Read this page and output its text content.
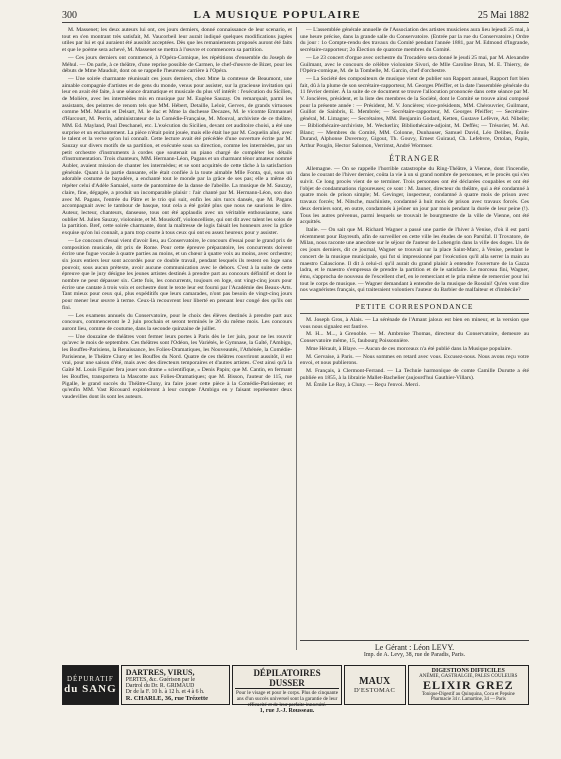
300	LA MUSIQUE POPULAIRE	25 Mai 1882

M. Massenet; les deux auteurs lui ont, ces jours derniers, donné connaissance de leur scenario, et tout en s'en montrant très satisfait, M. Vaucorbeil leur aurait indiqué quelques modifications jugées utiles par lui et qui auraient été aussitôt acceptées. Dès que les remaniements proposés auront été faits et que le poème sera achevé, M. Massenet se mettra à l'œuvre et commencera sa partition.

— Ces jours derniers ont commencé, à l'Opéra-Comique, les répétitions d'ensemble du Joseph de Méhul. — On parle, à ce théâtre, d'une reprise possible de Carmen, le chef-d'œuvre de Bizet, pour les débuts de Mme Mauduit, dont on se rappelle l'heureuse carrière à l'Opéra.

— Une soirée charmante réunissait ces jours derniers, chez Mme la comtesse de Beaumont, une aimable compagnie d'artistes et de gens du monde, venus pour assister, sur la gracieuse invitation qui leur en avait été faite, à une séance dramatique et musicale du plus vif intérêt : l'exécution du Sicilien, de Molière, avec les intermèdes mis en musique par M. Eugène Sauzay. On remarquait, parmi les assistants, des peintres de renom tels que MM. Hébert, Detaille, Leloir, Gervex, de grands virtuoses comme MM. Maurin et Delsart, M. le duc et Mme la duchesse Decazes, M. le vicomte Emmanuel d'Harcourt, M. Perrin, administrateur de la Comédie-Française, M. Mouval, archiviste de ce théâtre, MM. Ed. Mayland, Paul Deschanel, etc. L'exécution du Sicilien, devant cet auditoire choisi, a été une surprise et un enchantement. La pièce n'était point jouée, mais elle était lue par M. Coquelin aîné, avec le talent et la verve qu'on lui connaît. Cette lecture avait été précédée d'une ouverture écrite par M. Sauzay sur divers motifs de sa partition, et exécutée sous sa direction, comme les intermèdes, par un petit orchestre d'instruments à cordes que soutenait un piano chargé de compléter les détails d'instrumentation. Trois chanteurs, MM. Hermann-Léon, Pagans et un charmant ténor amateur nommé Aubler, avaient mission de chanter les intermèdes; et se sont acquittés de cette tâche à la satisfaction générale. Quant à la partie dansante, elle était confiée à la toute aimable Mlle Fonta, qui, sous un adorable costume de bayadère, a enchanté tout le monde par la grâce de ses pas; elle a même dû répéter celui d'Adèle Samaiel, sorte de pantomime de la danse de l'abeille. La musique de M. Sauzay, claire, fine, dégagée, a produit un incomparable plaisir : l'air chanté par M. Hermann-Léon, son duo avec M. Pagans, l'entrée du Pâtre et le trio qui suit, enfin les airs turcs dansés, que M. Pagans accompagnait avec le tambour de basque, tout cela a été goûté plus que nous ne saurions le dire. Auteur, lecteur, chanteurs, danseuse, tous ont été applaudis avec un véritable enthousiasme, sans oublier M. Julien Sauzay, violoniste, et M. Mouskoff, violoncelliste, qui ont dit avec talent les solos de la partition. Bref, cette soirée charmante, dont la maîtresse de logis faisait les honneurs avec la grâce exquise qu'on lui connaît, a paru trop courte à tous ceux qui ont eu assez heureux pour y assister.

— Le concours d'essai vient d'avoir lieu, au Conservatoire, le concours d'essai pour le grand prix de composition musicale, dit prix de Rome. Pour cette épreuve préparatoire, les concurrents doivent écrire une fugue vocale à quatre parties au moins, et un chœur à quatre voix au moins, avec orchestre; six jours entiers leur sont accordés pour ce double travail, pendant lesquels ils restent en loge sans pouvoir, sous aucun prétexte, avoir aucune communication avec le dehors. C'est à la suite de cette épreuve que le jury désigne les jeunes artistes destinés à prendre part au concours définitif et dont le nombre ne peut dépasser six. Cette fois, les concurrents, toujours en loge, ont vingt-cinq jours pour écrire une cantate à trois voix et orchestre dont le texte leur est fourni par l'Académie des Beaux-Arts. Tant mieux pour ceux qui, plus expéditifs que leurs camarades, n'ont pas besoin de vingt-cinq jours pour mener leur œuvre à terme. Ceux-là recouvrent leur liberté en prenant leur congé des qu'ils ont fini.

— Les examens annuels du Conservatoire, pour le choix des élèves destinés à prendre part aux concours, commenceront le 2 juin prochain et seront terminés le 26 du même mois. Les concours auront lieu, comme de coutume, dans la seconde quinzaine de juillet.

— Une douzaine de théâtres vont fermer leurs portes à Paris dès le 1er juin, pour ne les rouvrir qu'avec le mois de septembre. Ces théâtres sont l'Odéon, les Variétés, le Gymnase, la Gaîté, l'Ambigu, les Bouffes-Parisiens, la Renaissance, les Folies-Dramatiques, les Nouveautés, l'Athénée, la Comédie-Parisienne, le Théâtre Cluny et les Bouffes du Nord. Quatre de ces théâtres rouvriront aussitôt, il est vrai, pour une saison d'été, mais avec des directeurs temporaires et d'autres artistes. C'est ainsi qu'à la Gaîté M. Louis Figuier fera jouer son drame « scientifique, » Denis Papin; que M. Cantin, en fermant les Bouffes, transportera la Mascotte aux Folies-Dramatiques; que M. Bisson, l'auteur de 115, rue Pigalle, le grand succès du Théâtre-Cluny, ira faire jouer cette pièce à la Comédie-Parisienne; et qu'enfin MM. Vast Ricouard exploiteront à leur compte l'Ambigu en y faisant représenter deux vaudevilles dont ils sont les auteurs.

— L'assemblée générale annuelle de l'Association des artistes musiciens aura lieu lejeudi 25 mai, à une heure précise, dans la grande salle du Conservatoire. (Entrée par la rue du Conservatoire.) Ordre du jour : 1o Compte-rendu des travaux du Comité pendant l'année 1881, par M. Edmond d'Ingrande, secrétaire-rapporteur; 2o Élection de quatorze membres du Comité.

— Le 23 concert d'orgue avec orchestre du Trocadéro sera donné le jeudi 25 mai, par M. Alexandre Guilmant, avec le concours de célèbre violoniste Sivori, de Mlle Caroline Brun, M. E. Thierry, de l'Opéra-comique, M. de la Tombelle, M. Garcin, chef d'orchestre.

— La Société des compositeurs de musique vient de publier son Rapport annuel, Rapport fort bien fait, dû à la plume de son secrétaire-rapporteur, M. Georges Pfeiffer, et la date l'assemblée générale du 11 février dernier. À la suite de ce document se trouve l'allocution prononcée dans cette séance par M. V. Joncières, président, et la liste des membres de la Société, dont le Comité se trouve ainsi composé pour la présente année : — Président, M. V. Joncières; vice-présidents, MM. Chérouvrier, Guilmant, Guillot de Sainbris, E. Membrée; — Secrétaire-rapporteur, M. Georges Pfeiffer; — Secrétaire-général, M. Limagne; — Secrétaires, MM. Benjamin Godard, Ketten, Gustave Lefèvre, Ad. Nibelle; — Bibliothécaire-archiviste, M. Weckerlin; Bibliothécaire-adjoint, M. Deffès; — Trésorier, M. Ad. Blanc; — Membres du Comité, MM. Colonne, Dunhauser, Samuel David, Léo Delibes, Émile Durand, Alphonse Duvernoy, Gigout, Th. Gouvy, Ernest Guiraud, Ch. Lefebvre, Ortolan, Papin, Arthur Pougin, Hector Salomon, Verrimst, André Wormser.

ÉTRANGER

Allemagne. — On se rappelle l'horrible catastrophe du Ring-Théâtre, à Vienne, dont l'incendie, dans le courant de l'hiver dernier, coûta la vie à un si grand nombre de personnes, et le procès qui s'en suivit. Ce long procès vient de se terminer. Trois personnes ont été déclarées coupables et ont été l'objet de condamnations rigoureuses; ce sont : M. Jauner, directeur du théâtre, qui a été condamné à quatre mois de prison simple; M. Gevinger, inspecteur, condamné à quatre mois de prison avec travaux forcés; M. Nitsche, machiniste, condamné à huit mois de prison avec travaux forcés. Ces deux derniers sont, en outre, condamnés à jeûner un jour par mois pendant la durée de leur peine (!). Tous les autres prévenus, parmi lesquels se trouvait le bourgmestre de la ville de Vienne, ont été acquittés.

Italie. — On sait que M. Richard Wagner a passé une partie de l'hiver à Venise, d'où il est parti récemment pour Bayreuth, afin de surveiller en cette ville les études de son Parsifal. Il Trovatore, de Milan, nous raconte une anecdote sur le séjour de l'auteur de Lohengrin dans la ville des doges. Un de ces jours derniers, dit ce journal, Wagner se trouvait sur la place Saint-Marc, à Venise, pendant le concert de la musique municipale, qui fut si impressionné par l'exécution qu'il alla serrer la main au maestro Calascione. Il dit à celui-ci qu'il aurait du grand plaisir à entendre l'ouverture de la Gazza ladra, et le maestro s'empressa de prendre la partition et de le satisfaire. Le morceau fini, Wagner, ému, s'approcha de nouveau de l'excellent chef, en le remerciant et le pria même de remercier pour lui tout le corps de musique. — Wagner demandant à entendre de la musique de Rossini! Qu'en vont dire nos wagnéristes français, qui traiteraient volontiers l'auteur du Barbier de malfaiteur et d'imbécile?

PETITE CORRESPONDANCE

M. Joseph Gros, à Alais. — La sérénade de l'Amant jaloux est bien en mineur, et la version que vous nous signalez est fautive.

M. H... M..., à Grenoble. — M. Ambroise Thomas, directeur du Conservatoire, demeure au Conservatoire même, 15, faubourg Poissonnière.

Mme Hérault, à Blaye. — Aucun de ces morceaux n'a été publié dans la Musique populaire.

M. Gervaise, à Paris. — Nous sommes en retard avec vous. Excusez-nous. Nous avons reçu votre envoi, et nous publierons.

M. Français, à Clermont-Ferrand. — La Technie harmonique de comte Camille Durutte a été publiée en 1855, à la librairie Mallet-Bachelier (aujourd'hui Gauthier-Villars).

M. Émile Le Roy, à Cluny. — Reçu l'envoi. Merci.

Le Gérant : Léon LEVY.
Imp. de A. Levy, 38, rue de Paradis, Paris.
DÉPURATIF
du SANG
DARTRES, VIRUS,
PERTES, &c. Guérison par le
Dartrol du Dr. R. GRIMAUD
Dr de la F. 10 h. à 12 h. et 4 à 6 h.
R. CHARLE, 36, rue Trézette
DÉPILATOIRES DUSSER
Pour le visage et pour le corps. Plus de cinquante ans d'un succès universel sont la garantie de leur efficacité et de leur parfaite innocuité.
1, rue J.-J. Rousseau.
MAUX
D'ESTOMAC
DIGESTIONS DIFFICILES
ANÉMIE, GASTRALGIE, PALES COULEURS
ELIXIR GREZ
Tonique-Digestif au Quinquina, Coca et Pepsine
Pharmacie 34 r. Lamartine, 34 — Paris
